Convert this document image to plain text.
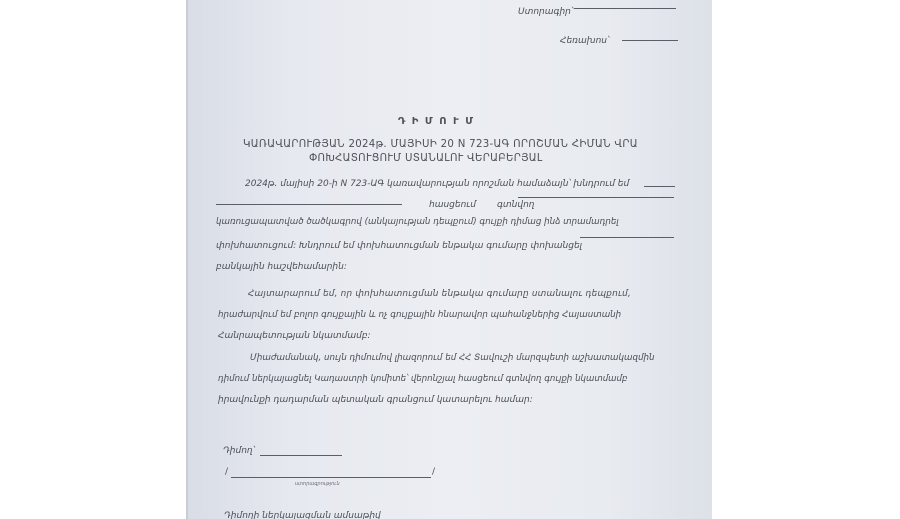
Ստորագիր՝
Հեռախոս՝
Դ Ի Մ Ո Ւ Մ
ԿԱՌԱՎԱՐՈՒԹՅԱՆ 2024թ. ՄԱՅԻՍԻ 20 N 723-ԱԳ ՈՐՈՇՄԱՆ ՀԻՄԱՆ ՎՐԱ
ՓՈԽՀԱՏՈՒՑՈՒՄ ՍՏԱՆԱԼՈՒ ՎԵՐԱԲԵՐՅԱԼ
2024թ. մայիսի 20-ի N 723-ԱԳ կառավարության որոշման համաձայն՝ խնդրում եմ
հասցեում գտնվող
կառուցապատված ծածկագրով (անկայության դեպքում) գույքի դիմաց ինձ տրամադրել
փոխհատուցում: Խնդրում եմ փոխհատուցման ենթակա գումարը փոխանցել
բանկային հաշվեհամարին:
Հայտարարում եմ, որ փոխհատուցման ենթակա գումարը ստանալու դեպքում,
հրաժարվում եմ բոլոր գույքային և ոչ գույքային հնարավոր պահանջներից Հայաստանի
Հանրապետության նկատմամբ:
Միաժամանակ, սույն դիմումով լիազորում եմ ՀՀ Տավուշի մարզպետի աշխատակազմին
դիմում ներկայացնել Կադաստրի կոմիտե՝ վերոնշյալ հասցեում գտնվող գույքի նկատմամբ
իրավունքի դադարման պետական գրանցում կատարելու համար:
Դիմող՝
/	/
ստորագրություն
Դիմողի ներկայացման ամսաթիվ
